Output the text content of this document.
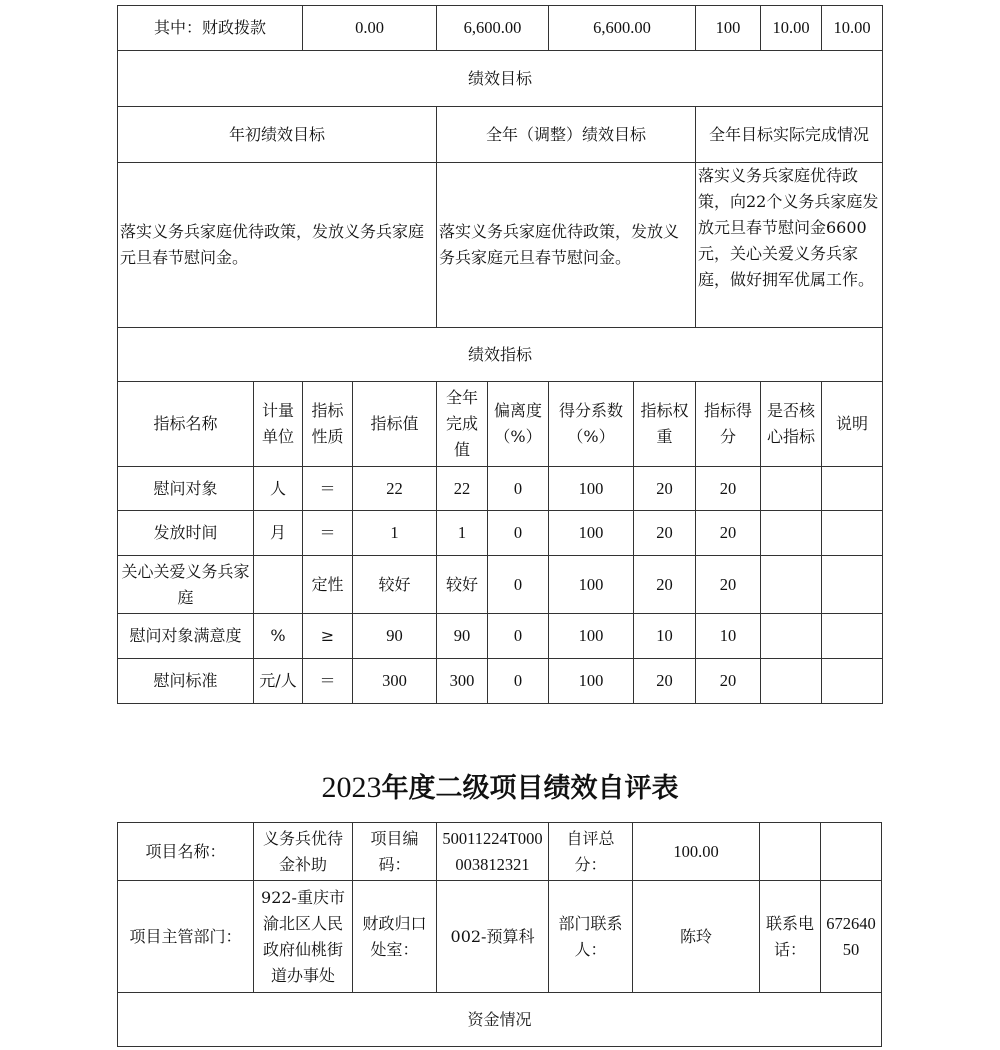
其中：财政拨款		0.00		6,600.00		6,600.00		100	10.00	10.00
绩效目标										
年初绩效目标				全年（调整）绩效目标				全年目标实际完成情况		
落实义务兵家庭优待政策，发放义务兵家庭元旦春节慰问金。				落实义务兵家庭优待政策，发放义务兵家庭元旦春节慰问金。				落实义务兵家庭优待政策，向22个义务兵家庭发放元旦春节慰问金6600元，关心关爱义务兵家庭，做好拥军优属工作。		
绩效指标										
指标名称	计量单位	指标性质	指标值	全年完成值	偏离度（%）	得分系数（%）	指标权重	指标得分	是否核心指标	说明
慰问对象	人	＝	22	22	0	100	20	20		
发放时间	月	＝	1	1	0	100	20	20		
关心关爱义务兵家庭		定性	较好	较好	0	100	20	20		
慰问对象满意度	%	≥	90	90	0	100	10	10		
慰问标准	元/人	＝	300	300	0	100	20	20		
2023年度二级项目绩效自评表
项目名称：	义务兵优待金补助	项目编码：	50011224T000003812321	自评总分：	100.00		
项目主管部门：	922-重庆市渝北区人民政府仙桃街道办事处	财政归口处室：	002-预算科	部门联系人：	陈玲	联系电话：	67264050
资金情况							
